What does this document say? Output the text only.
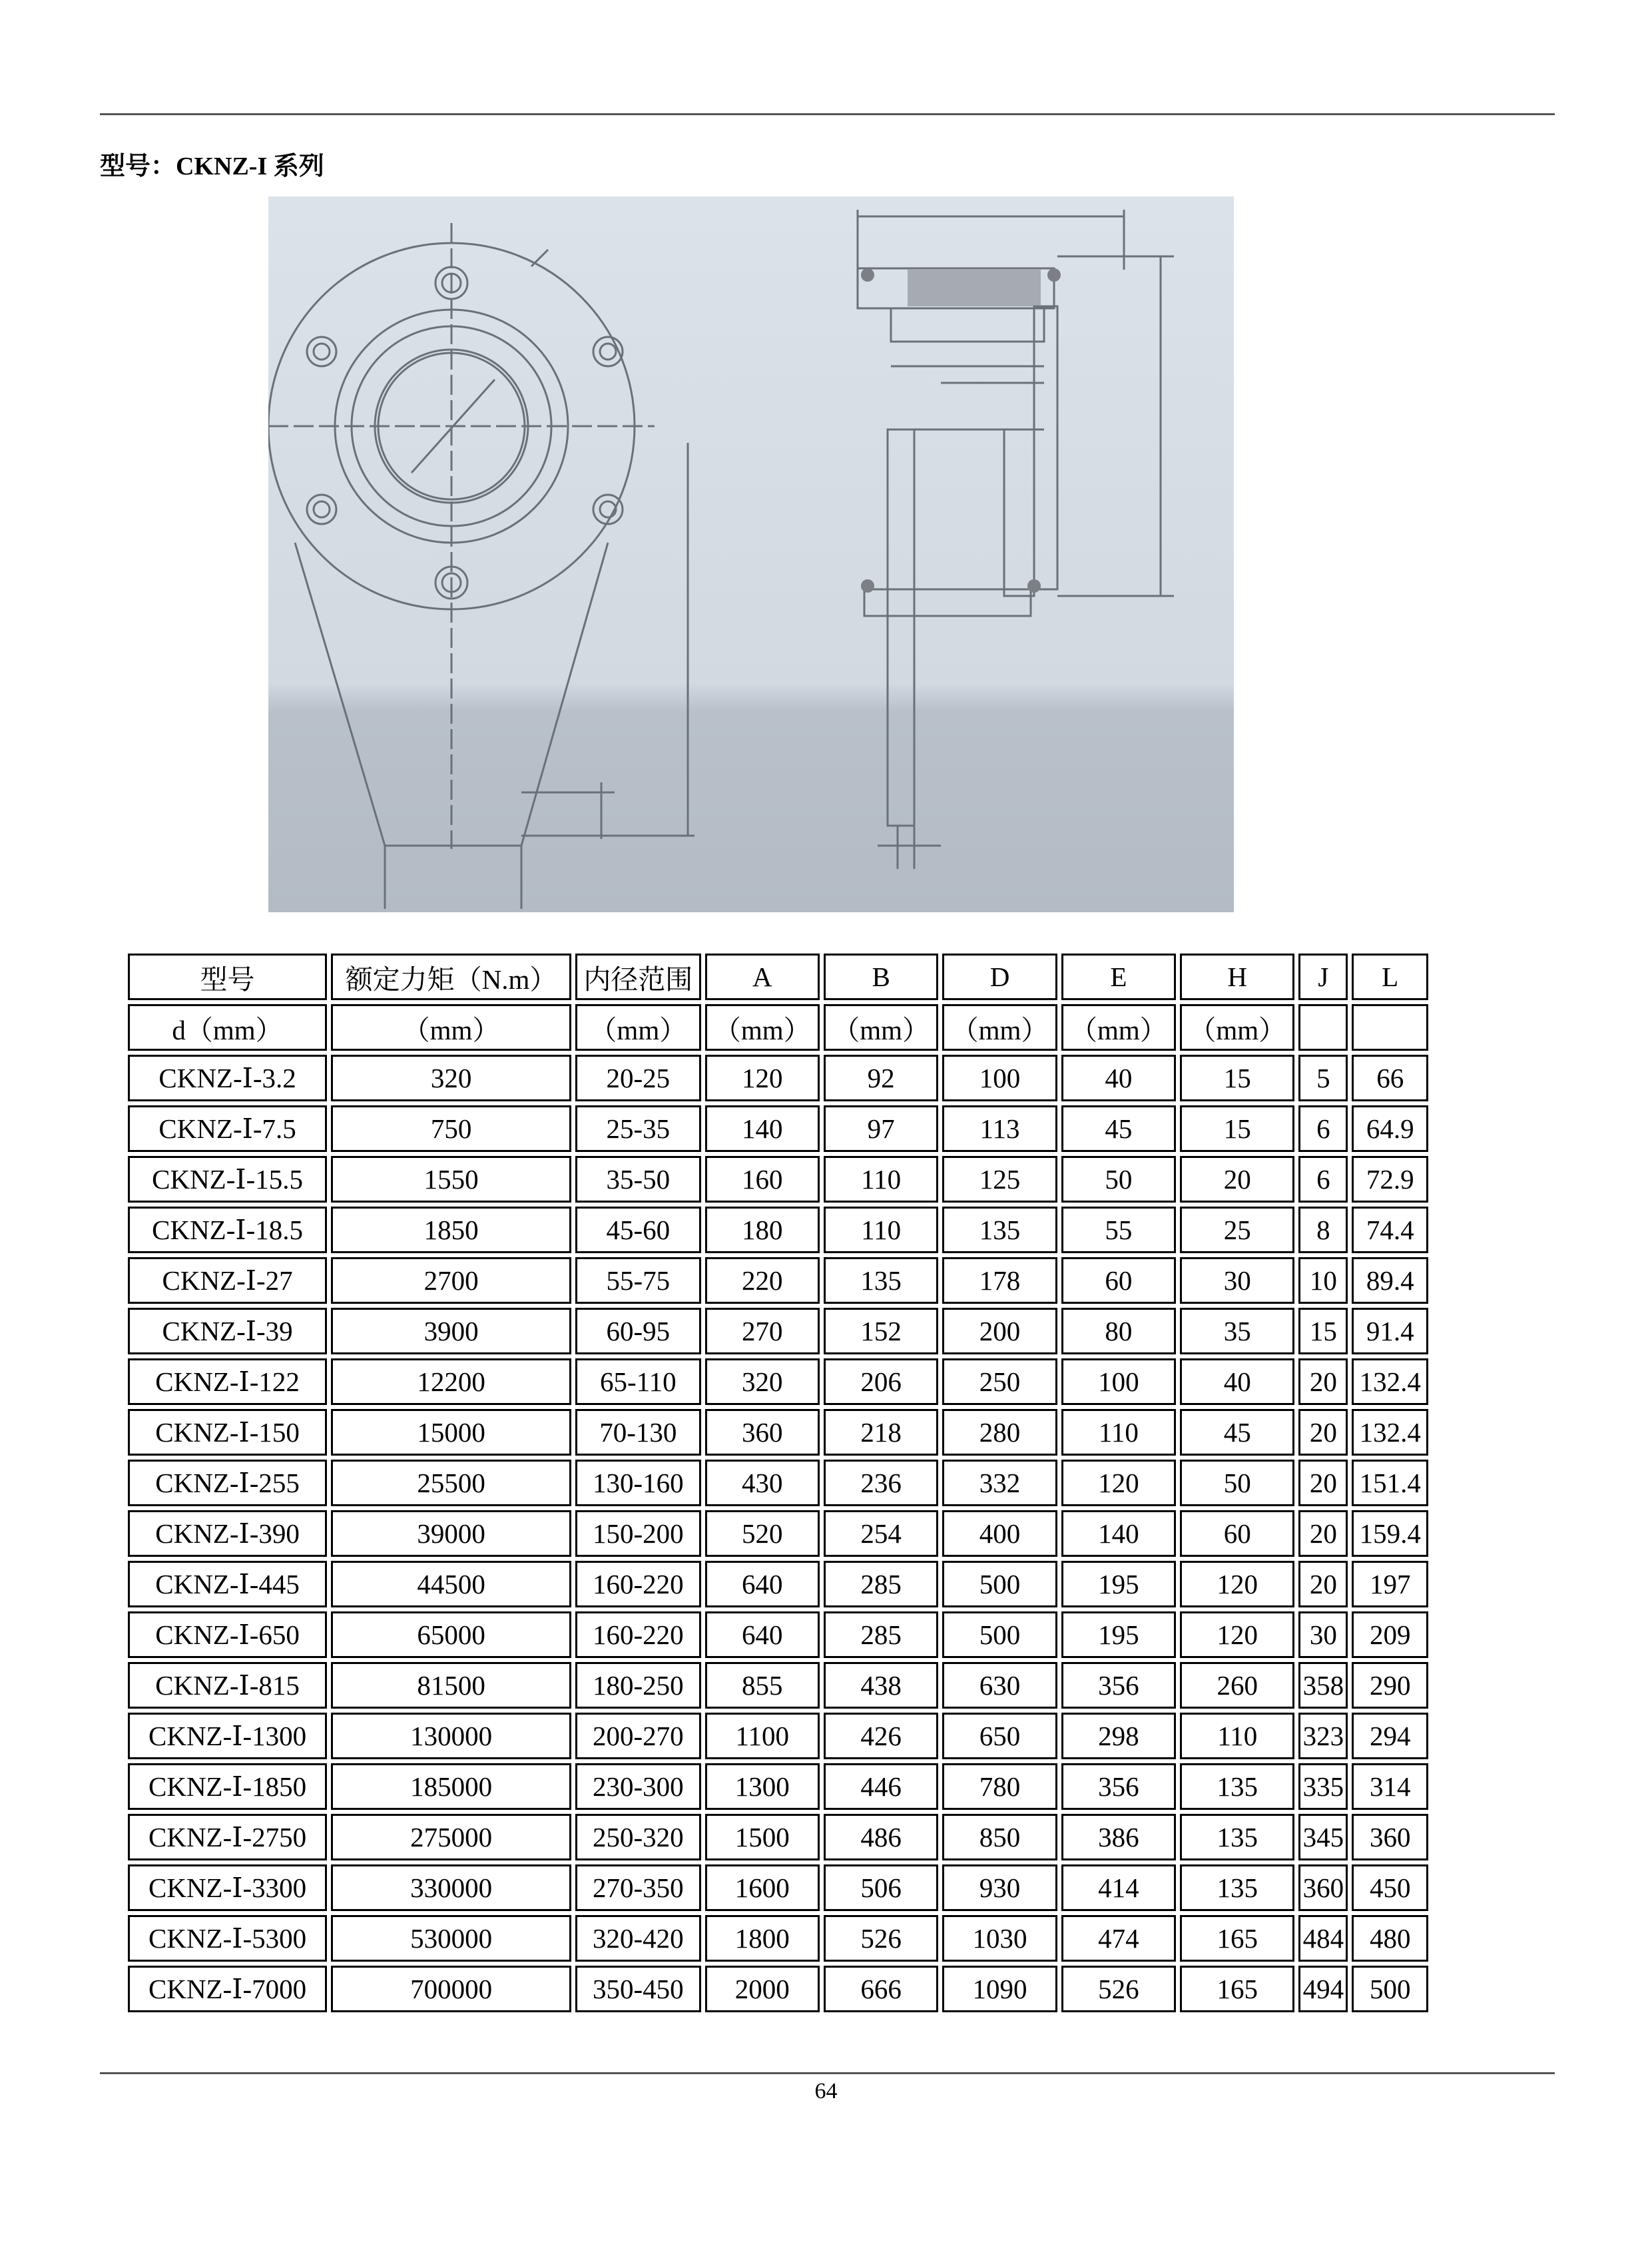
型号：CKNZ-I 系列
型号	额定力矩（N.m）	内径范围	A	B	D	E	H	J	L
d（mm）	（mm）	（mm）	（mm）	（mm）	（mm）	（mm）	（mm）		
CKNZ-Ⅰ-3.2	320	20-25	120	92	100	40	15	5	66
CKNZ-Ⅰ-7.5	750	25-35	140	97	113	45	15	6	64.9
CKNZ-Ⅰ-15.5	1550	35-50	160	110	125	50	20	6	72.9
CKNZ-Ⅰ-18.5	1850	45-60	180	110	135	55	25	8	74.4
CKNZ-Ⅰ-27	2700	55-75	220	135	178	60	30	10	89.4
CKNZ-Ⅰ-39	3900	60-95	270	152	200	80	35	15	91.4
CKNZ-Ⅰ-122	12200	65-110	320	206	250	100	40	20	132.4
CKNZ-Ⅰ-150	15000	70-130	360	218	280	110	45	20	132.4
CKNZ-Ⅰ-255	25500	130-160	430	236	332	120	50	20	151.4
CKNZ-Ⅰ-390	39000	150-200	520	254	400	140	60	20	159.4
CKNZ-Ⅰ-445	44500	160-220	640	285	500	195	120	20	197
CKNZ-Ⅰ-650	65000	160-220	640	285	500	195	120	30	209
CKNZ-Ⅰ-815	81500	180-250	855	438	630	356	260	358	290
CKNZ-Ⅰ-1300	130000	200-270	1100	426	650	298	110	323	294
CKNZ-Ⅰ-1850	185000	230-300	1300	446	780	356	135	335	314
CKNZ-Ⅰ-2750	275000	250-320	1500	486	850	386	135	345	360
CKNZ-Ⅰ-3300	330000	270-350	1600	506	930	414	135	360	450
CKNZ-Ⅰ-5300	530000	320-420	1800	526	1030	474	165	484	480
CKNZ-Ⅰ-7000	700000	350-450	2000	666	1090	526	165	494	500
64
